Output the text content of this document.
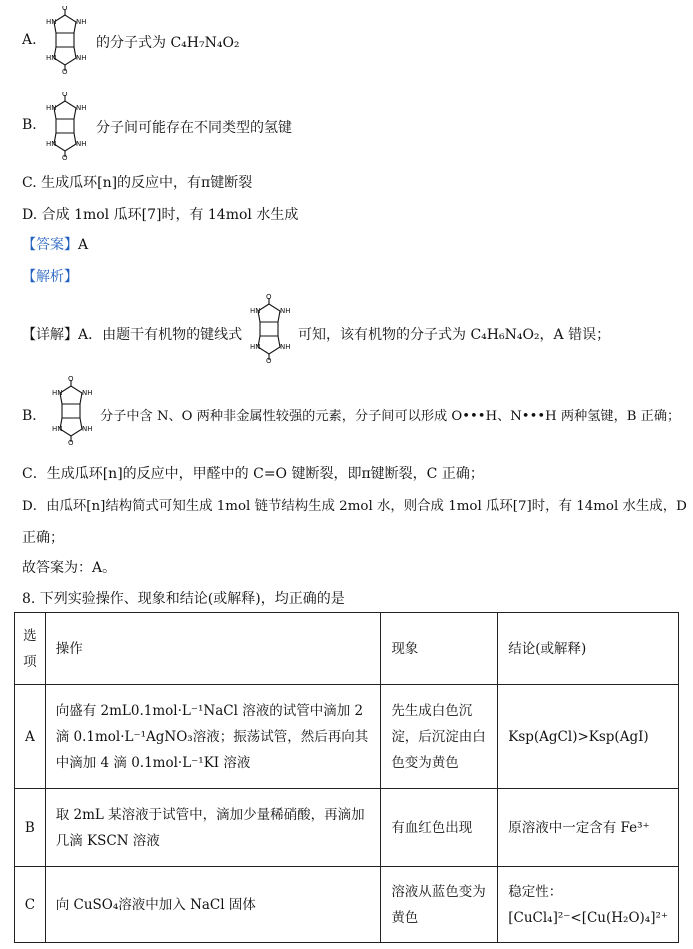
A.
O
HN	NH
HN	NH
O
的分子式为 C₄H₇N₄O₂
B.
O
HN	NH
HN	NH
O
分子间可能存在不同类型的氢键
C. 生成瓜环[n]的反应中，有π键断裂
D. 合成 1mol 瓜环[7]时，有 14mol 水生成
【答案】A
【解析】
【详解】A．由题干有机物的键线式
O
HN	NH
HN	NH
O
可知，该有机物的分子式为 C₄H₆N₄O₂，A 错误；
B．
O
HN	NH
HN	NH
O
分子中含 N、O 两种非金属性较强的元素，分子间可以形成 O•••H、N•••H 两种氢键，B 正确；
C．生成瓜环[n]的反应中，甲醛中的 C=O 键断裂，即π键断裂，C 正确；
D．由瓜环[n]结构简式可知生成 1mol 链节结构生成 2mol 水，则合成 1mol 瓜环[7]时，有 14mol 水生成，D
正确；
故答案为：A。
8. 下列实验操作、现象和结论(或解释)，均正确的是
选项	操作	现象	结论(或解释)
A	向盛有 2mL0.1mol·L⁻¹NaCl 溶液的试管中滴加 2 滴 0.1mol·L⁻¹AgNO₃溶液；振荡试管，然后再向其中滴加 4 滴 0.1mol·L⁻¹KI 溶液	先生成白色沉淀，后沉淀由白色变为黄色	Ksp(AgCl)>Ksp(AgI)
B	取 2mL 某溶液于试管中，滴加少量稀硝酸，再滴加几滴 KSCN 溶液	有血红色出现	原溶液中一定含有 Fe³⁺
C	向 CuSO₄溶液中加入 NaCl 固体	溶液从蓝色变为黄色	稳定性：[CuCl₄]²⁻<[Cu(H₂O)₄]²⁺
